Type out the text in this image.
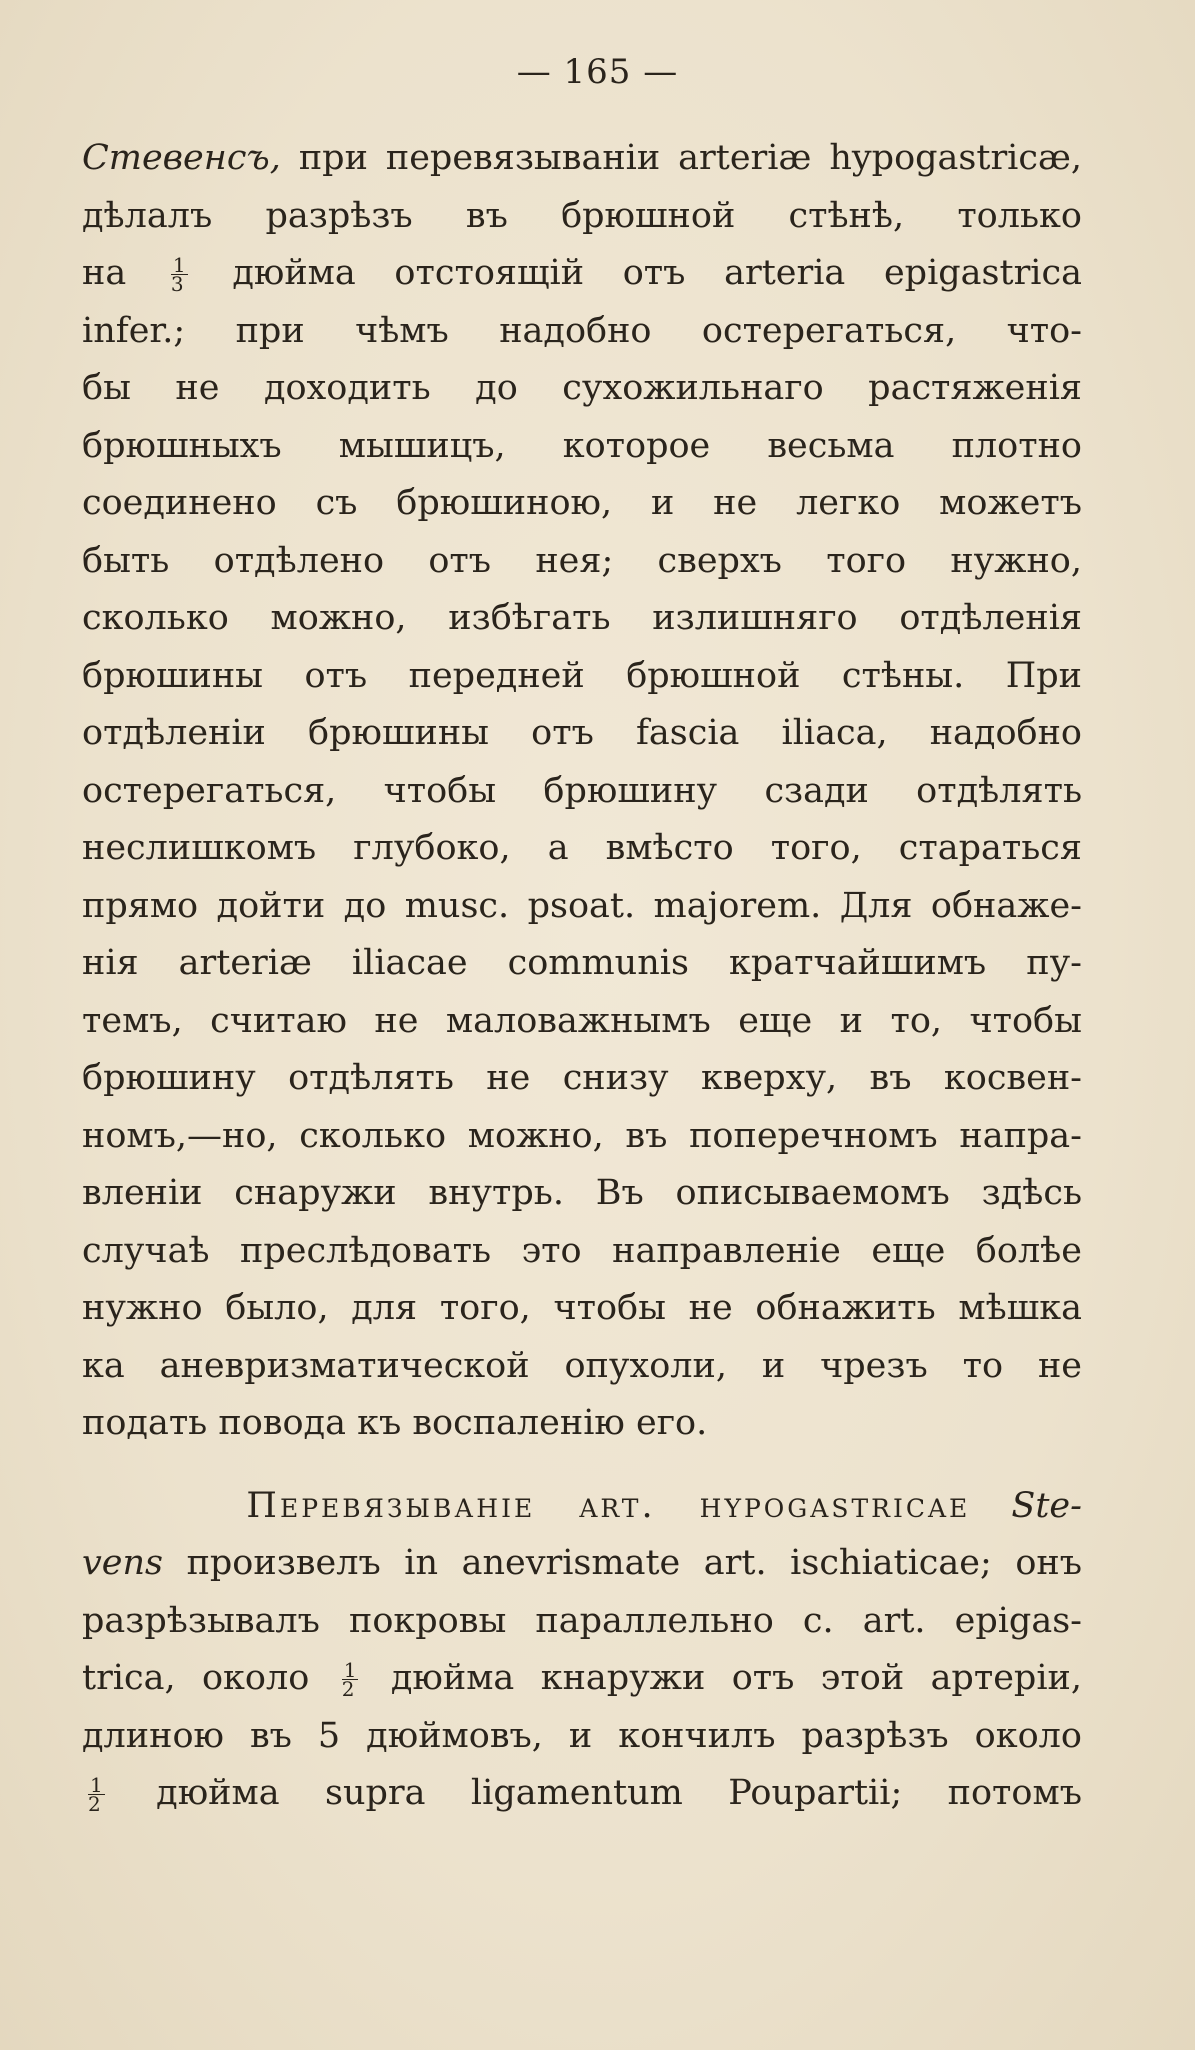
— 165 —
Стевенсъ, при перевязываніи arteriæ hypogastricæ,
дѣлалъ разрѣзъ въ брюшной стѣнѣ, только
на $\frac{1}{3}$ дюйма отстоящій отъ arteria epigastrica
infer.; при чѣмъ надобно остерегаться, что-
бы не доходить до сухожильнаго растяженія
брюшныхъ мышицъ, которое весьма плотно
соединено съ брюшиною, и не легко можетъ
быть отдѣлено отъ нея; сверхъ того нужно,
сколько можно, избѣгать излишняго отдѣленія
брюшины отъ передней брюшной стѣны. При
отдѣленіи брюшины отъ fascia iliaca, надобно
остерегаться, чтобы брюшину сзади отдѣлять
неслишкомъ глубоко, а вмѣсто того, стараться
прямо дойти до musc. psoat. majorem. Для обнаже-
нія arteriæ iliacae communis кратчайшимъ пу-
темъ, считаю не маловажнымъ еще и то, чтобы
брюшину отдѣлять не снизу кверху, въ косвен-
номъ,—но, сколько можно, въ поперечномъ напра-
вленіи снаружи внутрь. Въ описываемомъ здѣсь
случаѣ преслѣдовать это направленіе еще болѣе
нужно было, для того, чтобы не обнажить мѣшка
ка аневризматической опухоли, и чрезъ то не
подать повода къ воспаленію его.
Перевязываніе art. hypogastricae Ste-
vens произвелъ in anevrismate art. ischiaticae; онъ
разрѣзывалъ покровы параллельно с. art. epigas-
trica, около $\frac{1}{2}$ дюйма кнаружи отъ этой артеріи,
длиною въ 5 дюймовъ, и кончилъ разрѣзъ около
$\frac{1}{2}$ дюйма supra ligamentum Poupartii; потомъ
